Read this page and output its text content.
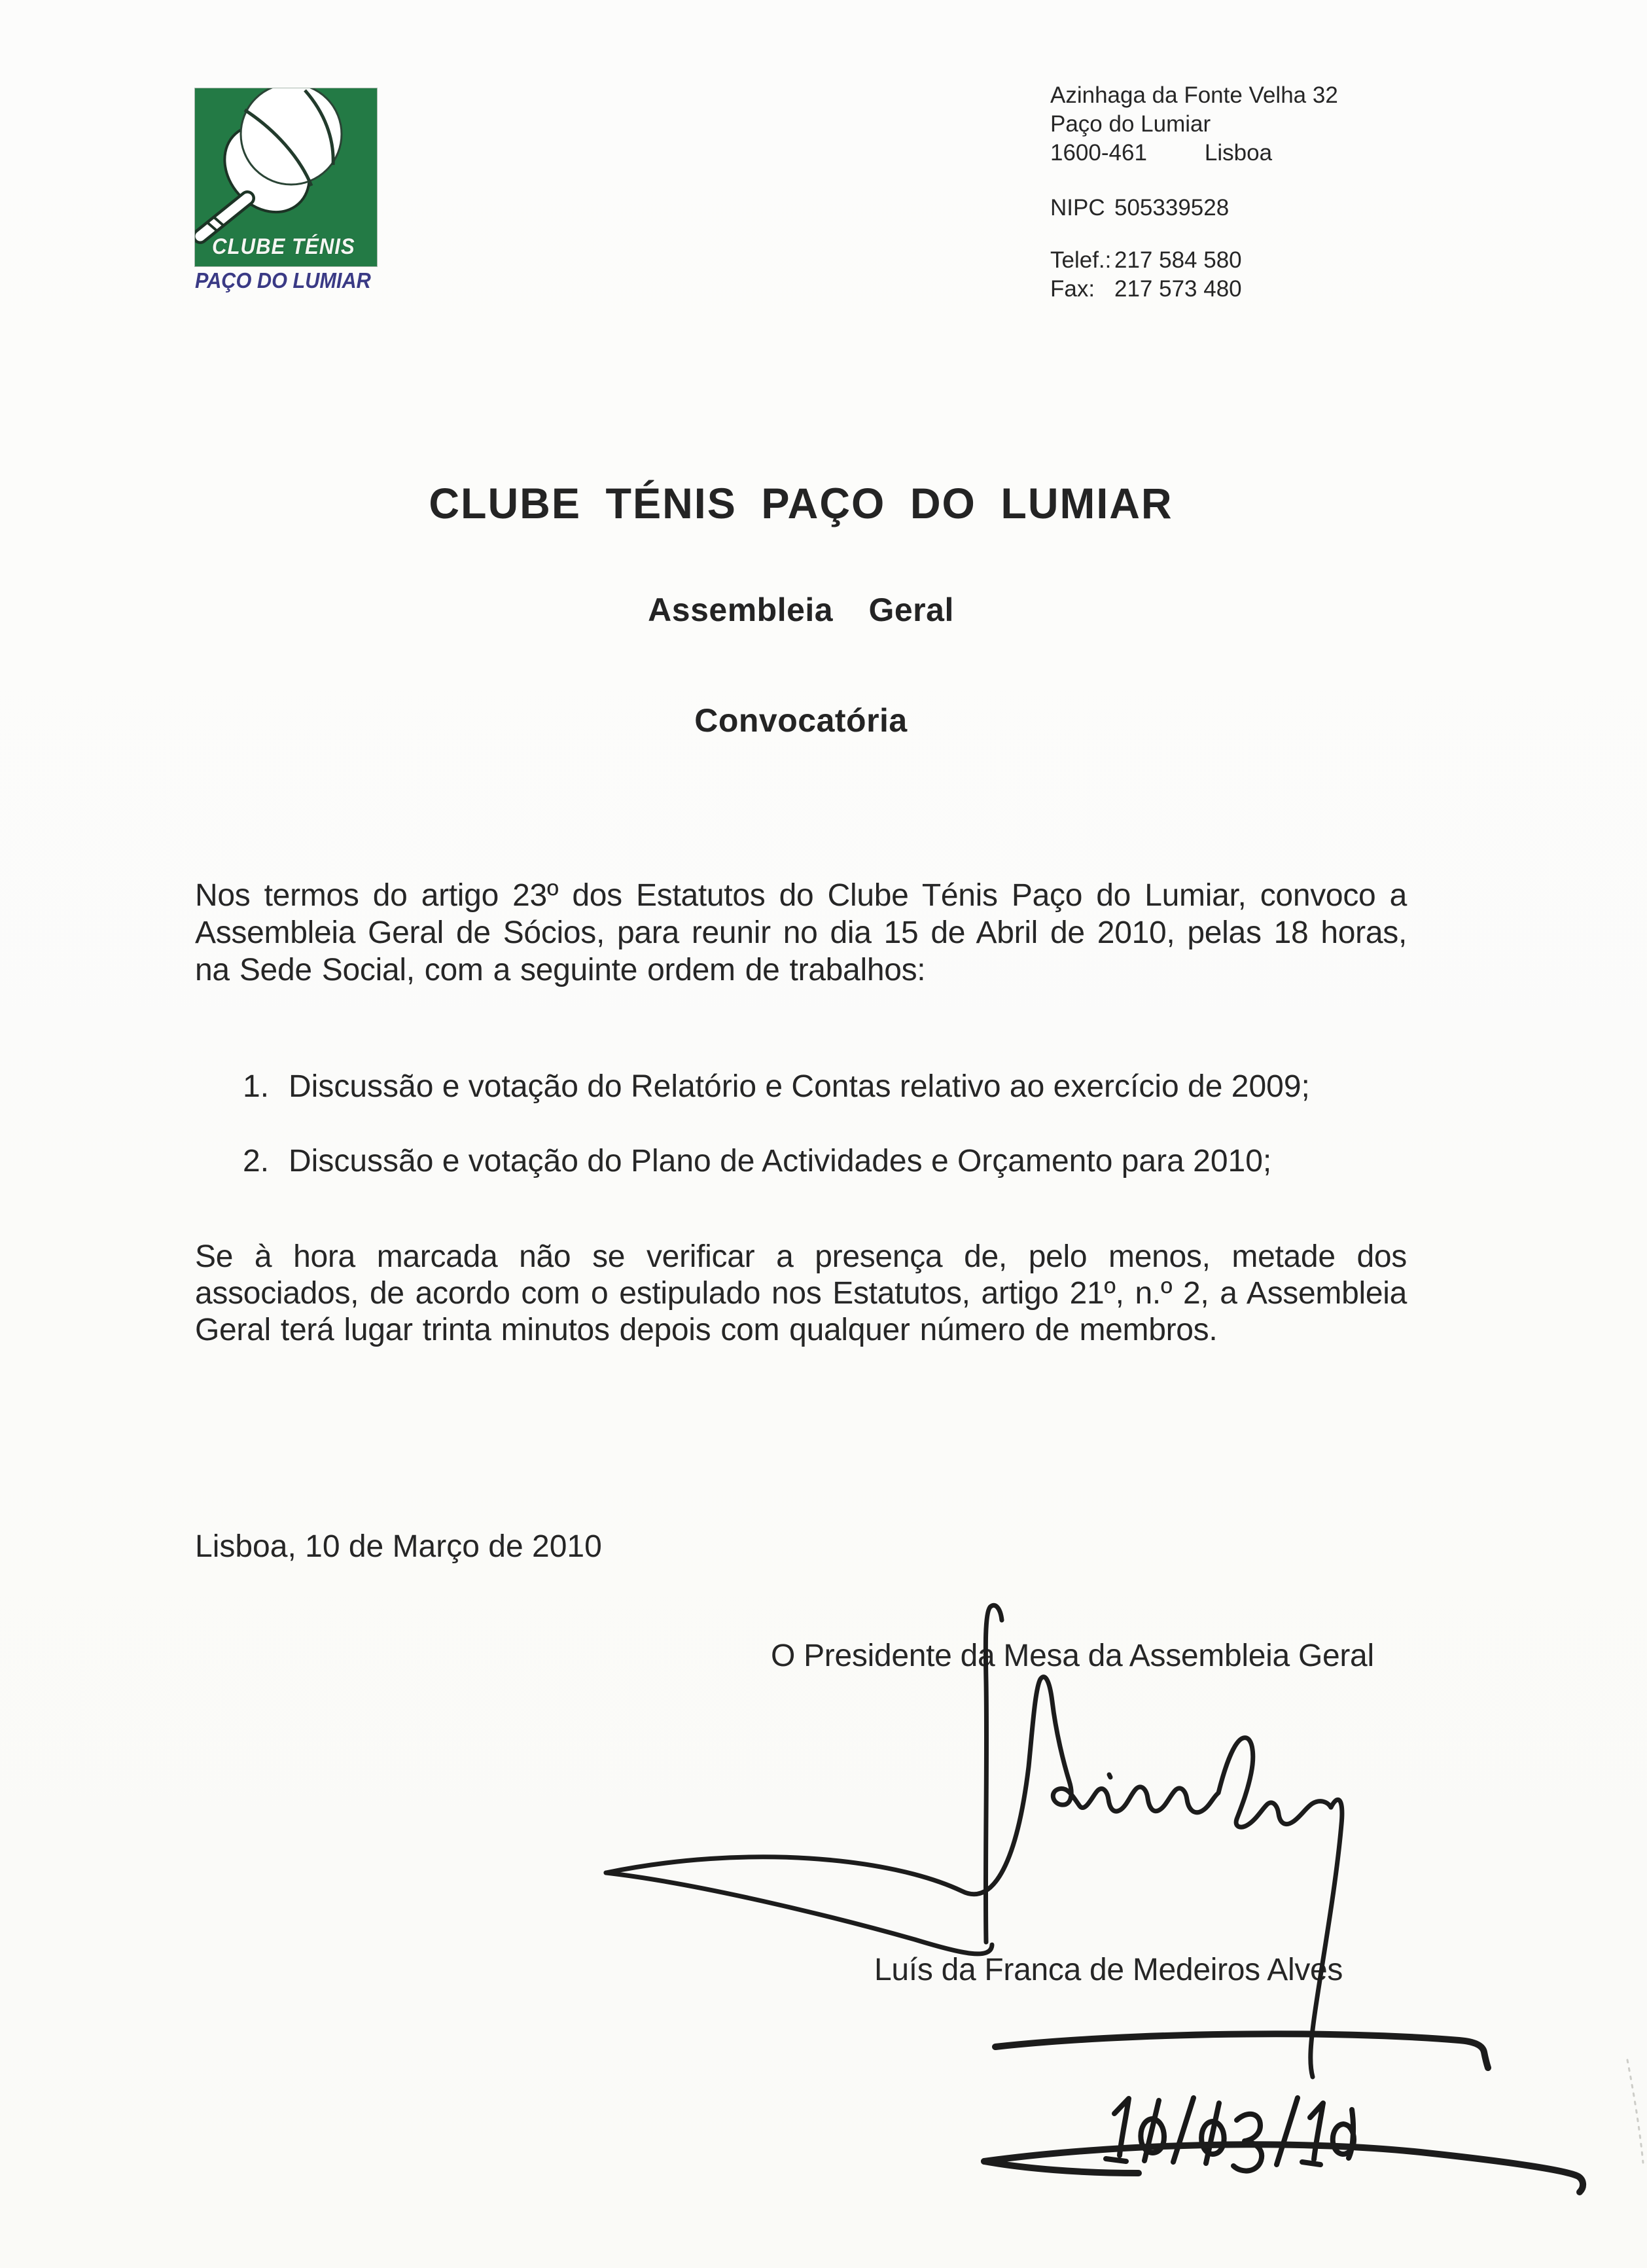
CLUBE TÉNIS
PAÇO DO LUMIAR
Azinhaga da Fonte Velha 32
Paço do Lumiar
1600-461	Lisboa
NIPC 505339528
Telef.: 217 584 580
Fax: 217 573 480
CLUBE TÉNIS PAÇO DO LUMIAR
Assembleia Geral
Convocatória

Nos termos do artigo 23º dos Estatutos do Clube Ténis Paço do Lumiar, convoco a Assembleia Geral de Sócios, para reunir no dia 15 de Abril de 2010, pelas 18 horas, na Sede Social, com a seguinte ordem de trabalhos:

1. Discussão e votação do Relatório e Contas relativo ao exercício de 2009;
2. Discussão e votação do Plano de Actividades e Orçamento para 2010;

Se à hora marcada não se verificar a presença de, pelo menos, metade dos associados, de acordo com o estipulado nos Estatutos, artigo 21º, n.º 2, a Assembleia Geral terá lugar trinta minutos depois com qualquer número de membros.

Lisboa, 10 de Março de 2010

O Presidente da Mesa da Assembleia Geral

Luís da Franca de Medeiros Alves
